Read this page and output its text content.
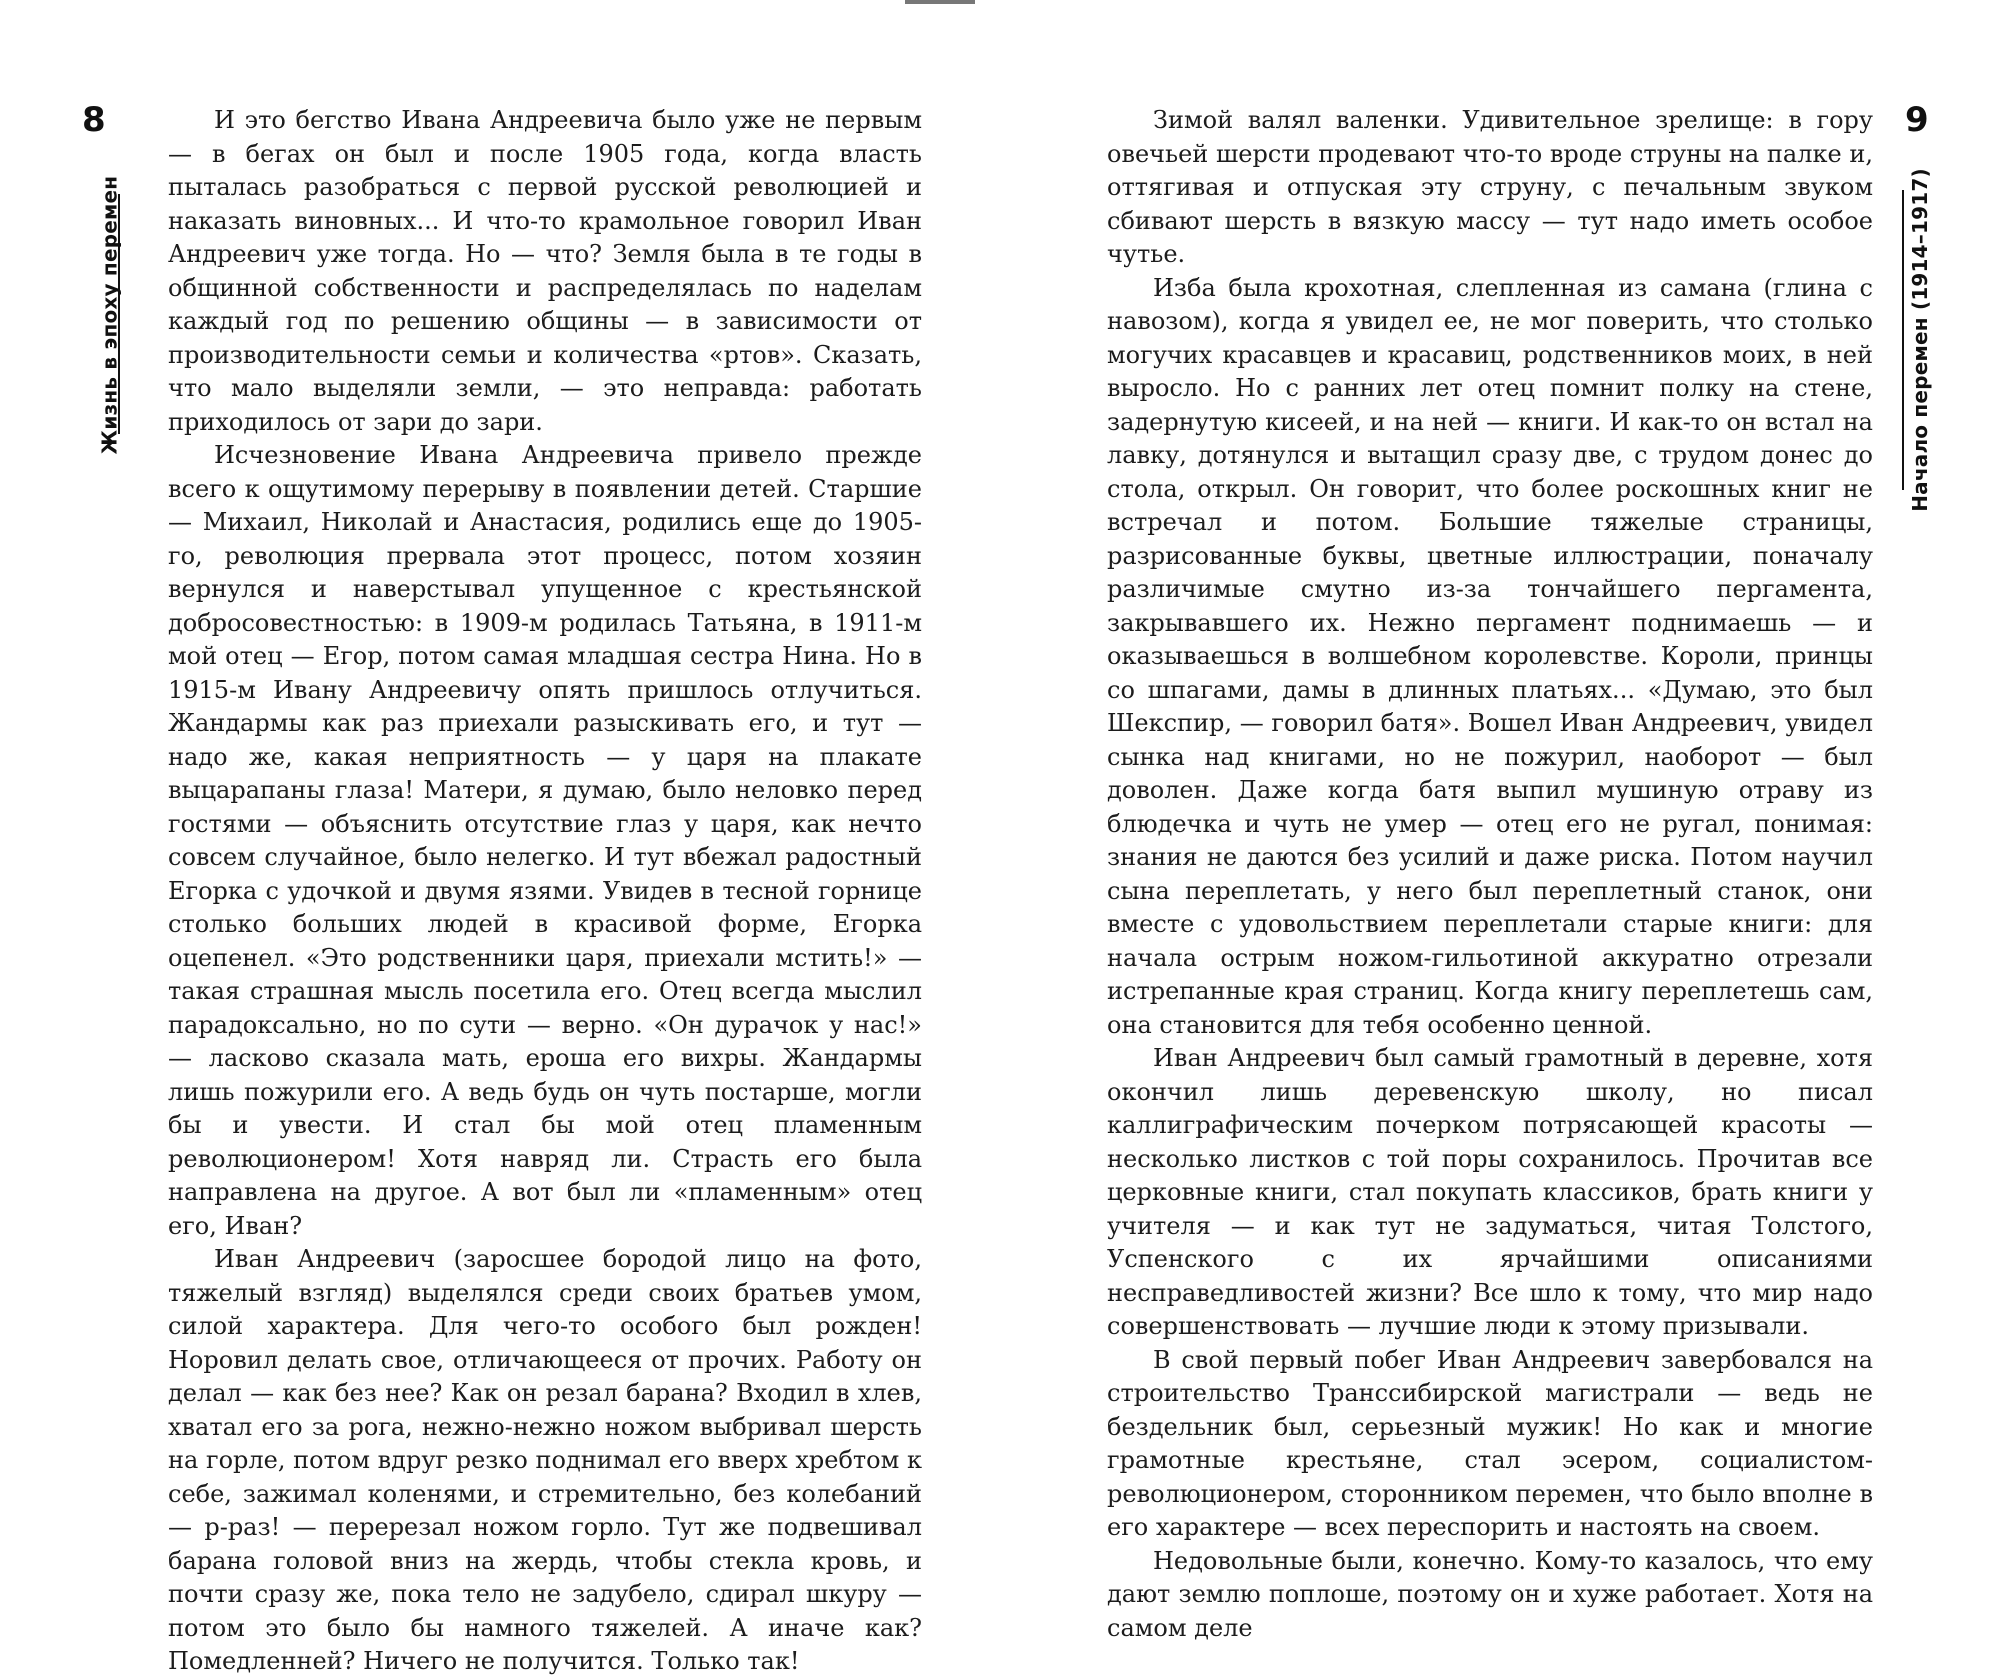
8
Жизнь в эпоху перемен

И это бегство Ивана Андреевича было уже не первым — в бегах он был и после 1905 года, когда власть пыталась разобраться с первой русской революцией и наказать виновных... И что-то крамольное говорил Иван Андреевич уже тогда. Но — что? Земля была в те годы в общинной собственности и распределялась по наделам каждый год по решению общины — в зависимости от производительности семьи и количества «ртов». Сказать, что мало выделяли земли, — это неправда: работать приходилось от зари до зари.

Исчезновение Ивана Андреевича привело прежде всего к ощутимому перерыву в появлении детей. Старшие — Михаил, Николай и Анастасия, родились еще до 1905-го, революция прервала этот процесс, потом хозяин вернулся и наверстывал упущенное с крестьянской добросовестностью: в 1909-м родилась Татьяна, в 1911-м мой отец — Егор, потом самая младшая сестра Нина. Но в 1915-м Ивану Андреевичу опять пришлось отлучиться. Жандармы как раз приехали разыскивать его, и тут — надо же, какая неприятность — у царя на плакате выцарапаны глаза! Матери, я думаю, было неловко перед гостями — объяснить отсутствие глаз у царя, как нечто совсем случайное, было нелегко. И тут вбежал радостный Егорка с удочкой и двумя язями. Увидев в тесной горнице столько больших людей в красивой форме, Егорка оцепенел. «Это родственники царя, приехали мстить!» — такая страшная мысль посетила его. Отец всегда мыслил парадоксально, но по сути — верно. «Он дурачок у нас!» — ласково сказала мать, ероша его вихры. Жандармы лишь пожурили его. А ведь будь он чуть постарше, могли бы и увести. И стал бы мой отец пламенным революционером! Хотя навряд ли. Страсть его была направлена на другое. А вот был ли «пламенным» отец его, Иван?

Иван Андреевич (заросшее бородой лицо на фото, тяжелый взгляд) выделялся среди своих братьев умом, силой характера. Для чего-то особого был рожден! Норовил делать свое, отличающееся от прочих. Работу он делал — как без нее? Как он резал барана? Входил в хлев, хватал его за рога, нежно-нежно ножом выбривал шерсть на горле, потом вдруг резко поднимал его вверх хребтом к себе, зажимал коленями, и стремительно, без колебаний — р-раз! — перерезал ножом горло. Тут же подвешивал барана головой вниз на жердь, чтобы стекла кровь, и почти сразу же, пока тело не задубело, сдирал шкуру — потом это было бы намного тяжелей. А иначе как? Помедленней? Ничего не получится. Только так!

9
Начало перемен (1914–1917)

Зимой валял валенки. Удивительное зрелище: в гору овечьей шерсти продевают что-то вроде струны на палке и, оттягивая и отпуская эту струну, с печальным звуком сбивают шерсть в вязкую массу — тут надо иметь особое чутье.

Изба была крохотная, слепленная из самана (глина с навозом), когда я увидел ее, не мог поверить, что столько могучих красавцев и красавиц, родственников моих, в ней выросло. Но с ранних лет отец помнит полку на стене, задернутую кисеей, и на ней — книги. И как-то он встал на лавку, дотянулся и вытащил сразу две, с трудом донес до стола, открыл. Он говорит, что более роскошных книг не встречал и потом. Большие тяжелые страницы, разрисованные буквы, цветные иллюстрации, поначалу различимые смутно из-за тончайшего пергамента, закрывавшего их. Нежно пергамент поднимаешь — и оказываешься в волшебном королевстве. Короли, принцы со шпагами, дамы в длинных платьях... «Думаю, это был Шекспир, — говорил батя». Вошел Иван Андреевич, увидел сынка над книгами, но не пожурил, наоборот — был доволен. Даже когда батя выпил мушиную отраву из блюдечка и чуть не умер — отец его не ругал, понимая: знания не даются без усилий и даже риска. Потом научил сына переплетать, у него был переплетный станок, они вместе с удовольствием переплетали старые книги: для начала острым ножом-гильотиной аккуратно отрезали истрепанные края страниц. Когда книгу переплетешь сам, она становится для тебя особенно ценной.

Иван Андреевич был самый грамотный в деревне, хотя окончил лишь деревенскую школу, но писал каллиграфическим почерком потрясающей красоты — несколько листков с той поры сохранилось. Прочитав все церковные книги, стал покупать классиков, брать книги у учителя — и как тут не задуматься, читая Толстого, Успенского с их ярчайшими описаниями несправедливостей жизни? Все шло к тому, что мир надо совершенствовать — лучшие люди к этому призывали.

В свой первый побег Иван Андреевич завербовался на строительство Транссибирской магистрали — ведь не бездельник был, серьезный мужик! Но как и многие грамотные крестьяне, стал эсером, социалистом-революционером, сторонником перемен, что было вполне в его характере — всех переспорить и настоять на своем.

Недовольные были, конечно. Кому-то казалось, что ему дают землю поплоше, поэтому он и хуже работает. Хотя на самом деле
